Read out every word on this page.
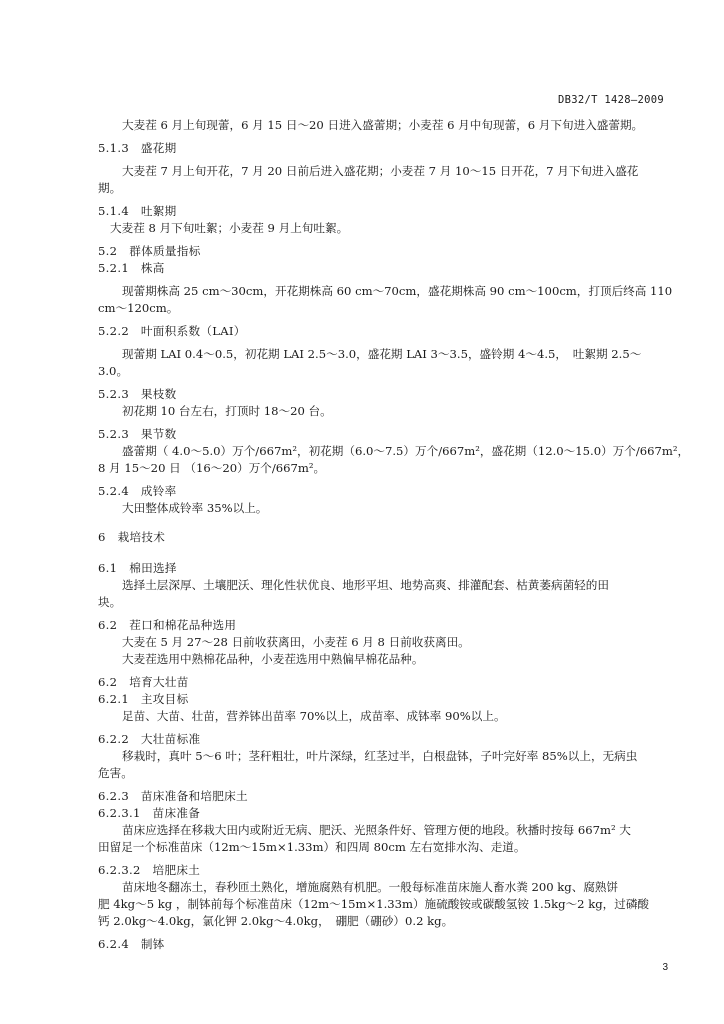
DB32/T 1428—2009
大麦茬 6 月上旬现蕾，6 月 15 日～20 日进入盛蕾期；小麦茬 6 月中旬现蕾，6 月下旬进入盛蕾期。
5.1.3　盛花期
大麦茬 7 月上旬开花，7 月 20 日前后进入盛花期；小麦茬 7 月 10～15 日开花，7 月下旬进入盛花
期。
5.1.4　吐絮期
大麦茬 8 月下旬吐絮；小麦茬 9 月上旬吐絮。
5.2　群体质量指标
5.2.1　株高
现蕾期株高 25 cm～30cm，开花期株高 60 cm～70cm，盛花期株高 90 cm～100cm，打顶后终高 110
cm～120cm。
5.2.2　叶面积系数（LAI）
现蕾期 LAI 0.4～0.5，初花期 LAI 2.5～3.0，盛花期 LAI 3～3.5，盛铃期 4～4.5，　吐絮期 2.5～
3.0。
5.2.3　果枝数
初花期 10 台左右，打顶时 18～20 台。
5.2.3　果节数
盛蕾期（ 4.0～5.0）万个/667m²，初花期（6.0～7.5）万个/667m²，盛花期（12.0～15.0）万个/667m²，
8 月 15～20 日 （16～20）万个/667m²。
5.2.4　成铃率
大田整体成铃率 35%以上。
6　栽培技术
6.1　棉田选择
选择土层深厚、土壤肥沃、理化性状优良、地形平坦、地势高爽、排灌配套、枯黄萎病菌轻的田
块。
6.2　茬口和棉花品种选用
大麦在 5 月 27～28 日前收获离田，小麦茬 6 月 8 日前收获离田。
大麦茬选用中熟棉花品种，小麦茬选用中熟偏早棉花品种。
6.2　培育大壮苗
6.2.1　主攻目标
足苗、大苗、壮苗，营养钵出苗率 70%以上，成苗率、成钵率 90%以上。
6.2.2　大壮苗标准
移栽时，真叶 5～6 叶；茎秆粗壮，叶片深绿，红茎过半，白根盘钵，子叶完好率 85%以上，无病虫
危害。
6.2.3　苗床准备和培肥床土
6.2.3.1　苗床准备
苗床应选择在移栽大田内或附近无病、肥沃、光照条件好、管理方便的地段。秋播时按每 667m² 大
田留足一个标准苗床（12m～15m×1.33m）和四周 80cm 左右宽排水沟、走道。
6.2.3.2　培肥床土
苗床地冬翻冻土，春秒匝土熟化，增施腐熟有机肥。一般每标准苗床施人畜水粪 200 kg、腐熟饼
肥 4kg～5 kg ，制钵前每个标准苗床（12m～15m×1.33m）施硫酸铵或碳酸氢铵 1.5kg～2 kg，过磷酸
钙 2.0kg～4.0kg，氯化钾 2.0kg～4.0kg，　硼肥（硼砂）0.2 kg。
6.2.4　制钵
3
